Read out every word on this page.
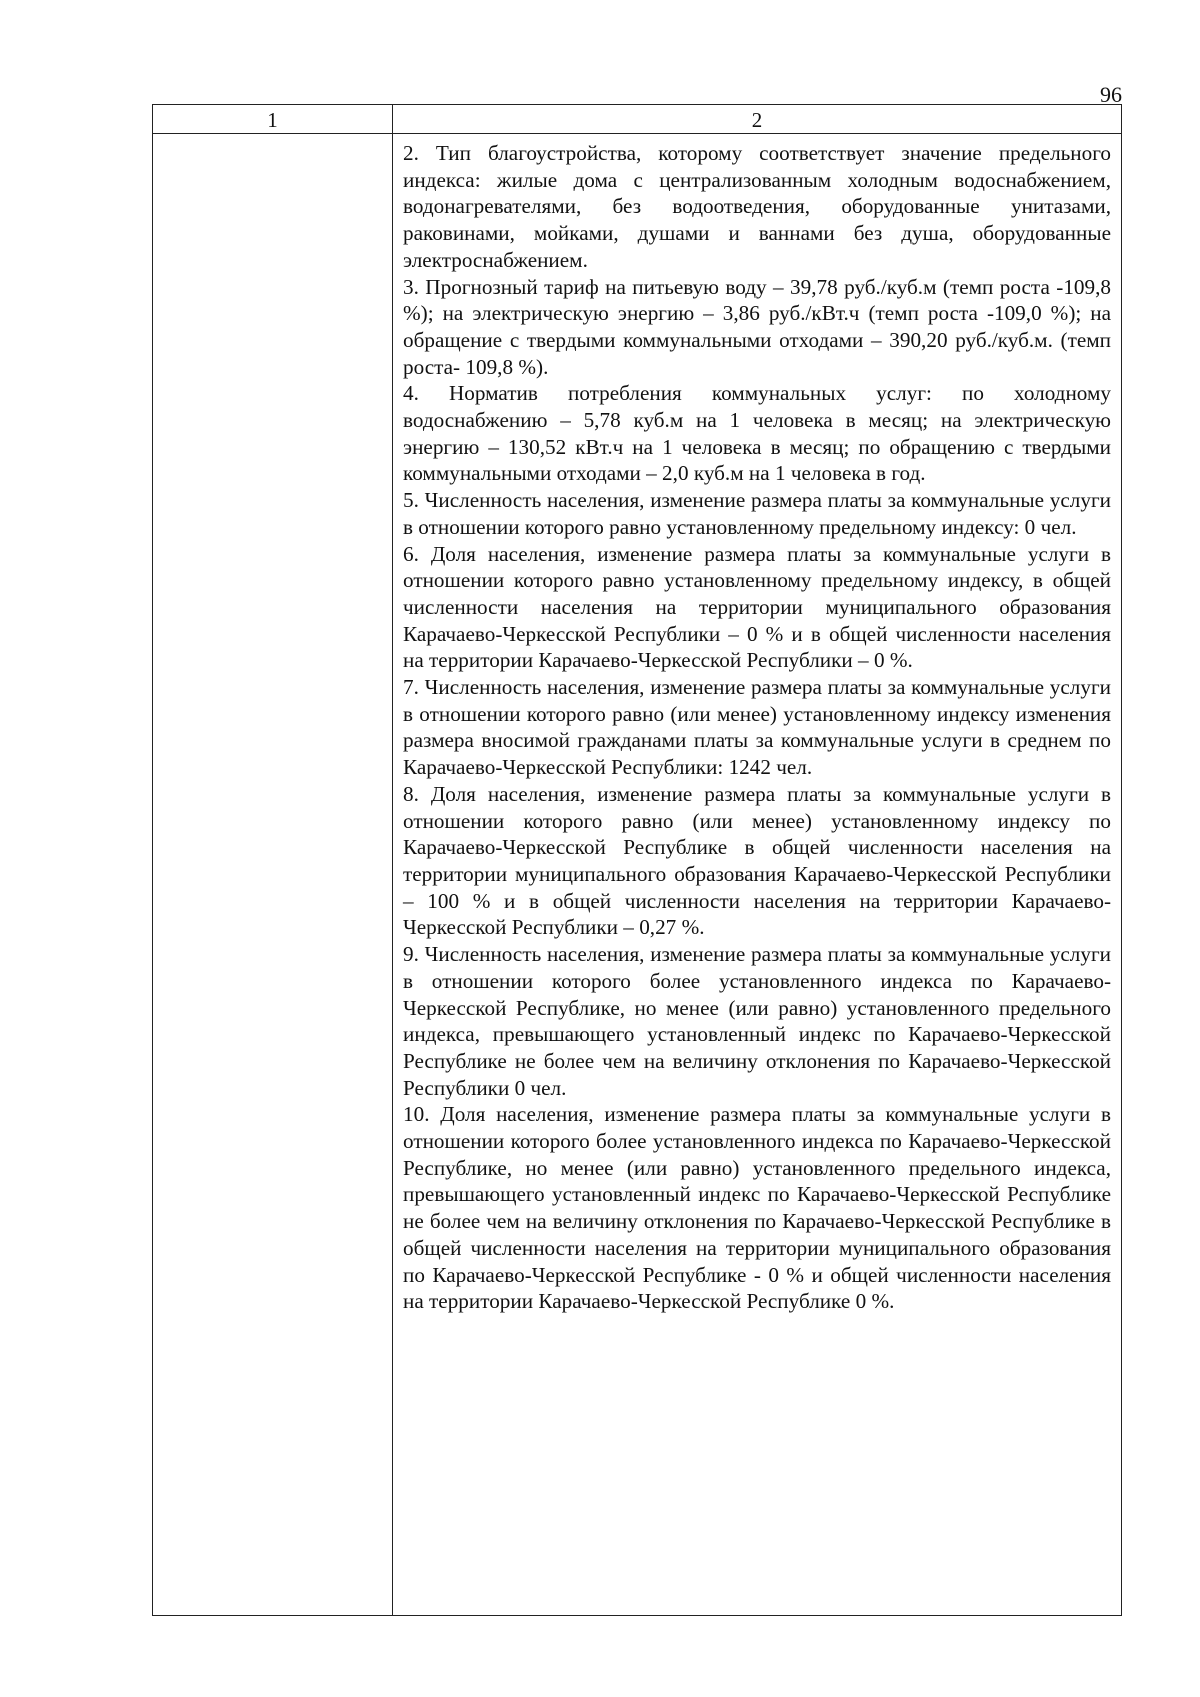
96
1	2

2. Тип благоустройства, которому соответствует значение предельного индекса: жилые дома с централизованным холодным водоснабжением, водонагревателями, без водоотведения, оборудованные унитазами, раковинами, мойками, душами и ваннами без душа, оборудованные электроснабжением.

3. Прогнозный тариф на питьевую воду – 39,78 руб./куб.м (темп роста -109,8 %); на электрическую энергию – 3,86 руб./кВт.ч (темп роста -109,0 %); на обращение с твердыми коммунальными отходами – 390,20 руб./куб.м. (темп роста- 109,8 %).

4. Норматив потребления коммунальных услуг: по холодному водоснабжению – 5,78 куб.м на 1 человека в месяц; на электрическую энергию – 130,52 кВт.ч на 1 человека в месяц; по обращению с твердыми коммунальными отходами – 2,0 куб.м на 1 человека в год.

5. Численность населения, изменение размера платы за коммунальные услуги в отношении которого равно установленному предельному индексу: 0 чел.

6. Доля населения, изменение размера платы за коммунальные услуги в отношении которого равно установленному предельному индексу, в общей численности населения на территории муниципального образования Карачаево-Черкесской Республики – 0 % и в общей численности населения на территории Карачаево-Черкесской Республики – 0 %.

7. Численность населения, изменение размера платы за коммунальные услуги в отношении которого равно (или менее) установленному индексу изменения размера вносимой гражданами платы за коммунальные услуги в среднем по Карачаево-Черкесской Республики: 1242 чел.

8. Доля населения, изменение размера платы за коммунальные услуги в отношении которого равно (или менее) установленному индексу по Карачаево-Черкесской Республике в общей численности населения на территории муниципального образования Карачаево-Черкесской Республики – 100 % и в общей численности населения на территории Карачаево-Черкесской Республики – 0,27 %.

9. Численность населения, изменение размера платы за коммунальные услуги в отношении которого более установленного индекса по Карачаево-Черкесской Республике, но менее (или равно) установленного предельного индекса, превышающего установленный индекс по Карачаево-Черкесской Республике не более чем на величину отклонения по Карачаево-Черкесской Республики 0 чел.

10. Доля населения, изменение размера платы за коммунальные услуги в отношении которого более установленного индекса по Карачаево-Черкесской Республике, но менее (или равно) установленного предельного индекса, превышающего установленный индекс по Карачаево-Черкесской Республике не более чем на величину отклонения по Карачаево-Черкесской Республике в общей численности населения на территории муниципального образования по Карачаево-Черкесской Республике - 0 % и общей численности населения на территории Карачаево-Черкесской Республике 0 %.
